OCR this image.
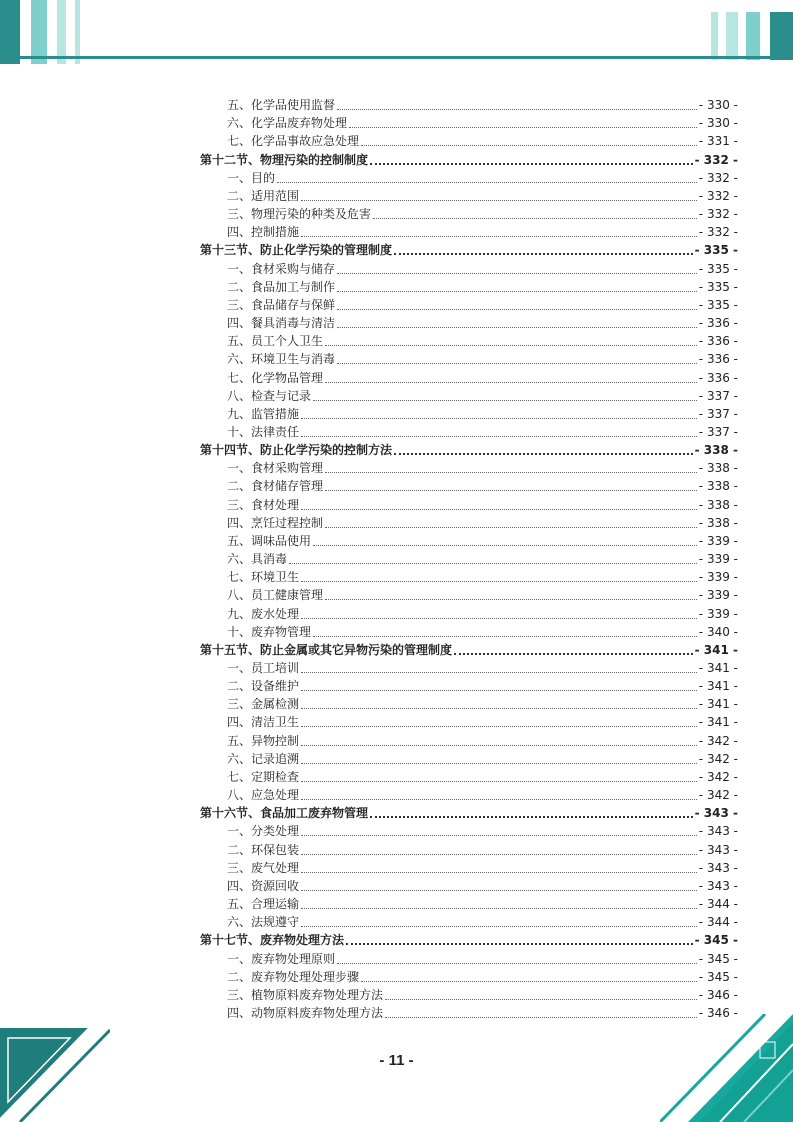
五、化学品使用监督	- 330 -
六、化学品废弃物处理	- 330 -
七、化学品事故应急处理	- 331 -
第十二节、物理污染的控制制度	- 332 -
一、目的	- 332 -
二、适用范围	- 332 -
三、物理污染的种类及危害	- 332 -
四、控制措施	- 332 -
第十三节、防止化学污染的管理制度	- 335 -
一、食材采购与储存	- 335 -
二、食品加工与制作	- 335 -
三、食品储存与保鲜	- 335 -
四、餐具消毒与清洁	- 336 -
五、员工个人卫生	- 336 -
六、环境卫生与消毒	- 336 -
七、化学物品管理	- 336 -
八、检查与记录	- 337 -
九、监管措施	- 337 -
十、法律责任	- 337 -
第十四节、防止化学污染的控制方法	- 338 -
一、食材采购管理	- 338 -
二、食材储存管理	- 338 -
三、食材处理	- 338 -
四、烹饪过程控制	- 338 -
五、调味品使用	- 339 -
六、具消毒	- 339 -
七、环境卫生	- 339 -
八、员工健康管理	- 339 -
九、废水处理	- 339 -
十、废弃物管理	- 340 -
第十五节、防止金属或其它异物污染的管理制度	- 341 -
一、员工培训	- 341 -
二、设备维护	- 341 -
三、金属检测	- 341 -
四、清洁卫生	- 341 -
五、异物控制	- 342 -
六、记录追溯	- 342 -
七、定期检查	- 342 -
八、应急处理	- 342 -
第十六节、食品加工废弃物管理	- 343 -
一、分类处理	- 343 -
二、环保包装	- 343 -
三、废气处理	- 343 -
四、资源回收	- 343 -
五、合理运输	- 344 -
六、法规遵守	- 344 -
第十七节、废弃物处理方法	- 345 -
一、废弃物处理原则	- 345 -
二、废弃物处理处理步骤	- 345 -
三、植物原料废弃物处理方法	- 346 -
四、动物原料废弃物处理方法	- 346 -
- 11 -
